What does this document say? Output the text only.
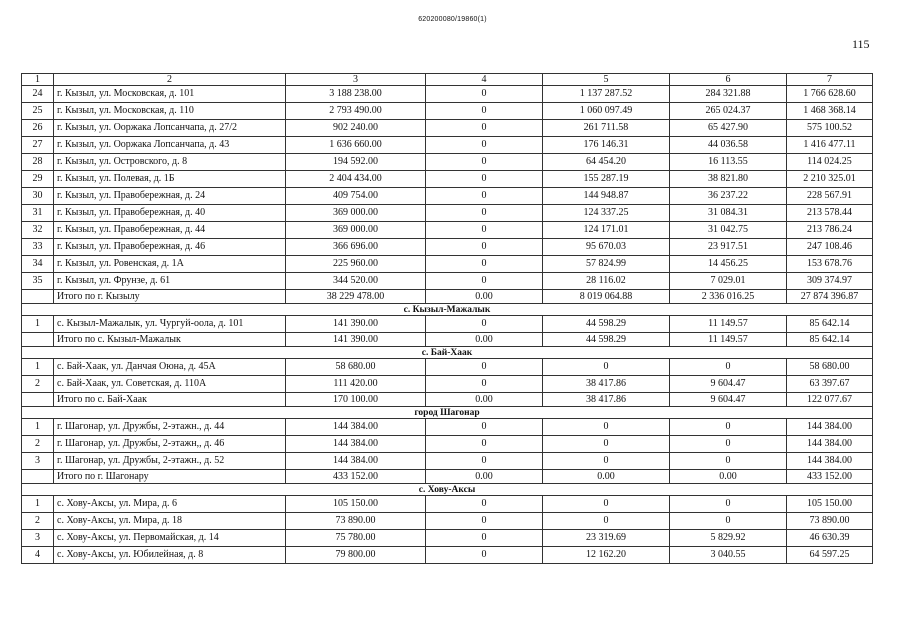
620200080/19860(1)
115
1	2	3	4	5	6	7
24	г. Кызыл, ул. Московская, д. 101	3 188 238.00	0	1 137 287.52	284 321.88	1 766 628.60
25	г. Кызыл, ул. Московская, д. 110	2 793 490.00	0	1 060 097.49	265 024.37	1 468 368.14
26	г. Кызыл, ул. Ооржака Лопсанчапа, д. 27/2	902 240.00	0	261 711.58	65 427.90	575 100.52
27	г. Кызыл, ул. Ооржака Лопсанчапа, д. 43	1 636 660.00	0	176 146.31	44 036.58	1 416 477.11
28	г. Кызыл, ул. Островского, д. 8	194 592.00	0	64 454.20	16 113.55	114 024.25
29	г. Кызыл, ул. Полевая, д. 1Б	2 404 434.00	0	155 287.19	38 821.80	2 210 325.01
30	г. Кызыл, ул. Правобережная, д. 24	409 754.00	0	144 948.87	36 237.22	228 567.91
31	г. Кызыл, ул. Правобережная, д. 40	369 000.00	0	124 337.25	31 084.31	213 578.44
32	г. Кызыл, ул. Правобережная, д. 44	369 000.00	0	124 171.01	31 042.75	213 786.24
33	г. Кызыл, ул. Правобережная, д. 46	366 696.00	0	95 670.03	23 917.51	247 108.46
34	г. Кызыл, ул. Ровенская, д. 1А	225 960.00	0	57 824.99	14 456.25	153 678.76
35	г. Кызыл, ул. Фрунзе, д. 61	344 520.00	0	28 116.02	7 029.01	309 374.97
	Итого по г. Кызылу	38 229 478.00	0.00	8 019 064.88	2 336 016.25	27 874 396.87
с. Кызыл-Мажалык						
1	с. Кызыл-Мажалык, ул. Чургуй-оола, д. 101	141 390.00	0	44 598.29	11 149.57	85 642.14
	Итого по с. Кызыл-Мажалык	141 390.00	0.00	44 598.29	11 149.57	85 642.14
с. Бай-Хаак						
1	с. Бай-Хаак, ул. Данчая Оюна, д. 45А	58 680.00	0	0	0	58 680.00
2	с. Бай-Хаак, ул. Советская, д. 110А	111 420.00	0	38 417.86	9 604.47	63 397.67
	Итого по с. Бай-Хаак	170 100.00	0.00	38 417.86	9 604.47	122 077.67
город Шагонар						
1	г. Шагонар, ул. Дружбы, 2-этажн., д. 44	144 384.00	0	0	0	144 384.00
2	г. Шагонар, ул. Дружбы, 2-этажн,, д. 46	144 384.00	0	0	0	144 384.00
3	г. Шагонар, ул. Дружбы, 2-этажн., д. 52	144 384.00	0	0	0	144 384.00
	Итого по г. Шагонару	433 152.00	0.00	0.00	0.00	433 152.00
с. Хову-Аксы						
1	с. Хову-Аксы, ул. Мира, д. 6	105 150.00	0	0	0	105 150.00
2	с. Хову-Аксы, ул. Мира, д. 18	73 890.00	0	0	0	73 890.00
3	с. Хову-Аксы, ул. Первомайская, д. 14	75 780.00	0	23 319.69	5 829.92	46 630.39
4	с. Хову-Аксы, ул. Юбилейная, д. 8	79 800.00	0	12 162.20	3 040.55	64 597.25
